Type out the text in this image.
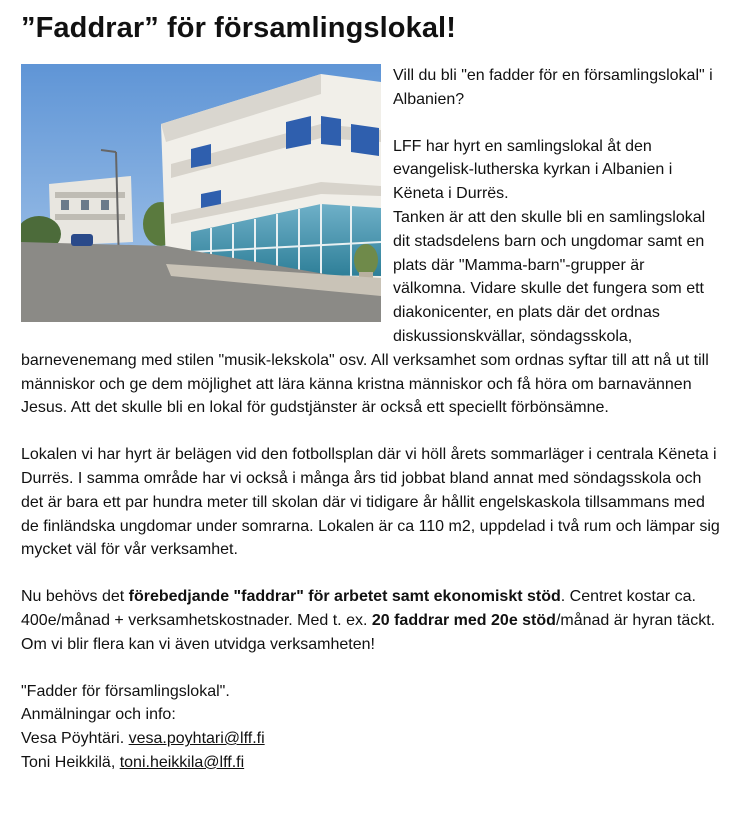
”Faddrar” för församlingslokal!

Vill du bli "en fadder för en församlingslokal" i Albanien?

LFF har hyrt en samlingslokal åt den evangelisk-lutherska kyrkan i Albanien i Këneta i Durrës.

Tanken är att den skulle bli en samlingslokal dit stadsdelens barn och ungdomar samt en plats där "Mamma-barn"-grupper är välkomna. Vidare skulle det fungera som ett diakonicenter, en plats där det ordnas diskussionskvällar, söndagsskola, barnevenemang med stilen "musik-lekskola" osv. All verksamhet som ordnas syftar till att nå ut till människor och ge dem möjlighet att lära känna kristna människor och få höra om barnavännen Jesus. Att det skulle bli en lokal för gudstjänster är också ett speciellt förbönsämne.

Lokalen vi har hyrt är belägen vid den fotbollsplan där vi höll årets sommarläger i centrala Këneta i Durrës. I samma område har vi också i många års tid jobbat bland annat med söndagsskola och det är bara ett par hundra meter till skolan där vi tidigare år hållit engelskaskola tillsammans med de finländska ungdomar under somrarna. Lokalen är ca 110 m2, uppdelad i två rum och lämpar sig mycket väl för vår verksamhet.

Nu behövs det förebedjande "faddrar" för arbetet samt ekonomiskt stöd. Centret kostar ca. 400e/månad + verksamhetskostnader. Med t. ex. 20 faddrar med 20e stöd/månad är hyran täckt. Om vi blir flera kan vi även utvidga verksamheten!

"Fadder för församlingslokal".
Anmälningar och info:
Vesa Pöyhtäri. vesa.poyhtari@lff.fi
Toni Heikkilä, toni.heikkila@lff.fi
